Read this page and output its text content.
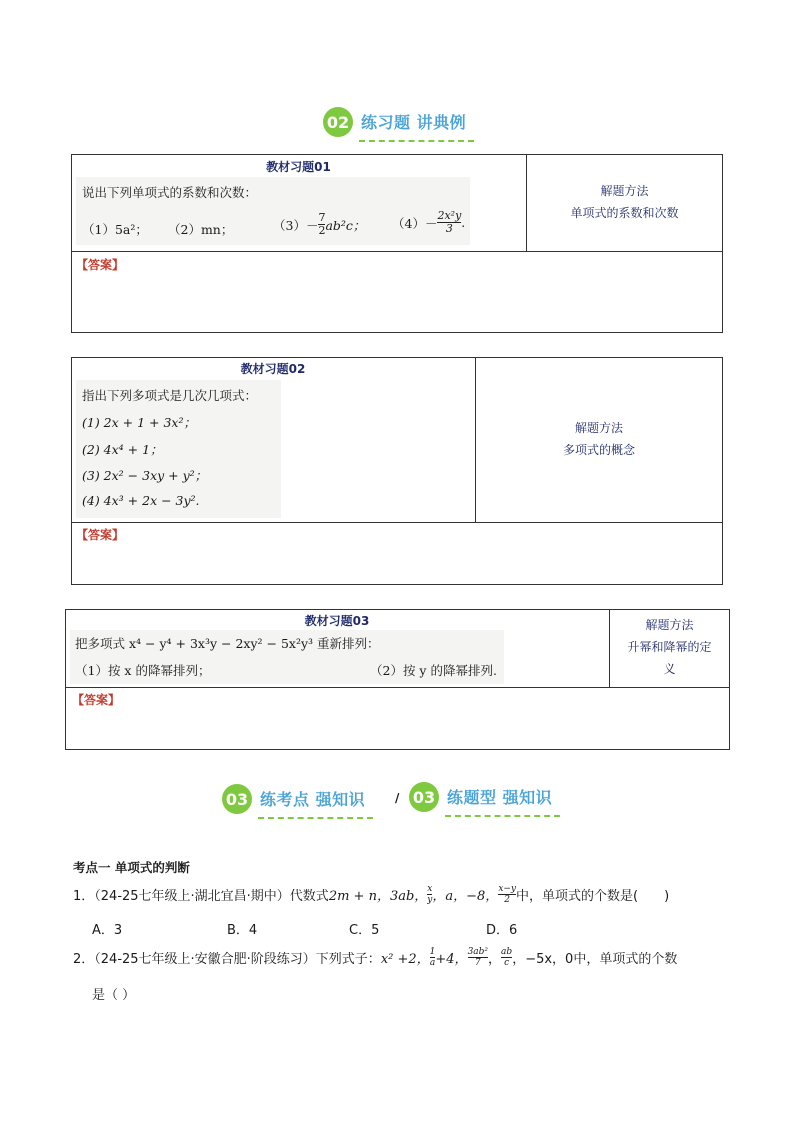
02 练习题 讲典例
教材习题01
说出下列单项式的系数和次数：
（1）5a²； （2）mn；	$(3)- \frac{7}{2} ab^2c$； $(4)- \frac{\text{2x²y}}{3}$ .
解题方法
单项式的系数和次数
【答案】
教材习题02
指出下列多项式是几次几项式：
(1) 2x + 1 + 3x²；
(2) 4x⁴ + 1；
(3) 2x² − 3xy + y²；
(4) 4x³ + 2x − 3y².
解题方法
多项式的概念
【答案】
教材习题03
把多项式 x⁴ − y⁴ + 3x³y − 2xy² − 5x²y³ 重新排列：
（1）按 x 的降幂排列；	（2）按 y 的降幂排列.
解题方法
升幂和降幂的定
义
【答案】
03 练考点 强知识 / 03 练题型 强知识
考点一 单项式的判断
1．（24-25七年级上·湖北宜昌·期中）代数式 2m + n，3ab， $\frac{x}{y}$ ，a，−8， $\frac{x-y}{2}$ 中，单项式的个数是(　　)
A．3	B．4	C．5	D．6
2．（24-25七年级上·安徽合肥·阶段练习）下列式子： x² +2， $\frac{1}{a} +4$， $\frac{\text{3ab²}}{7}$ ， $\frac{ab}{c}$ ，−5x，0中，单项式的个数
是（ ）
